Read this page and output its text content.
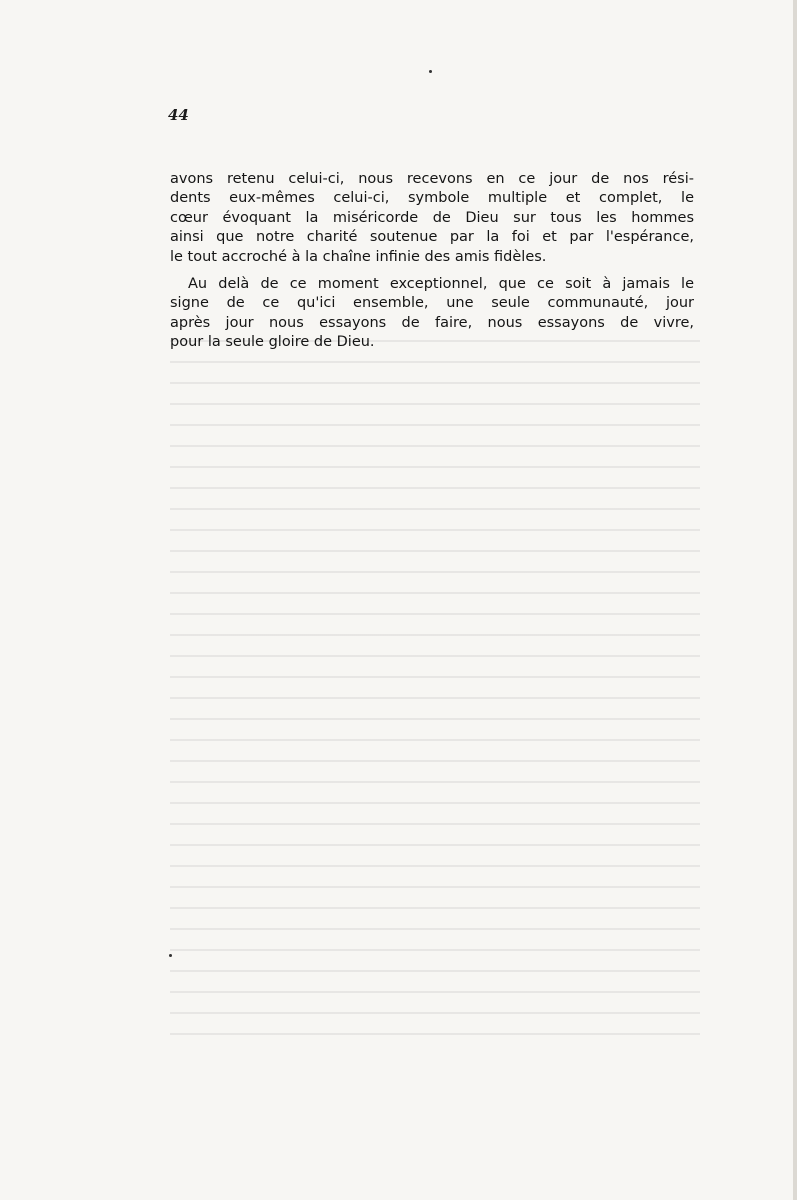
44

avons retenu celui-ci, nous recevons en ce jour de nos rési-
dents eux-mêmes celui-ci, symbole multiple et complet, le
cœur évoquant la miséricorde de Dieu sur tous les hommes
ainsi que notre charité soutenue par la foi et par l'espérance,
le tout accroché à la chaîne infinie des amis fidèles.

Au delà de ce moment exceptionnel, que ce soit à jamais le
signe de ce qu'ici ensemble, une seule communauté, jour
après jour nous essayons de faire, nous essayons de vivre,
pour la seule gloire de Dieu.
